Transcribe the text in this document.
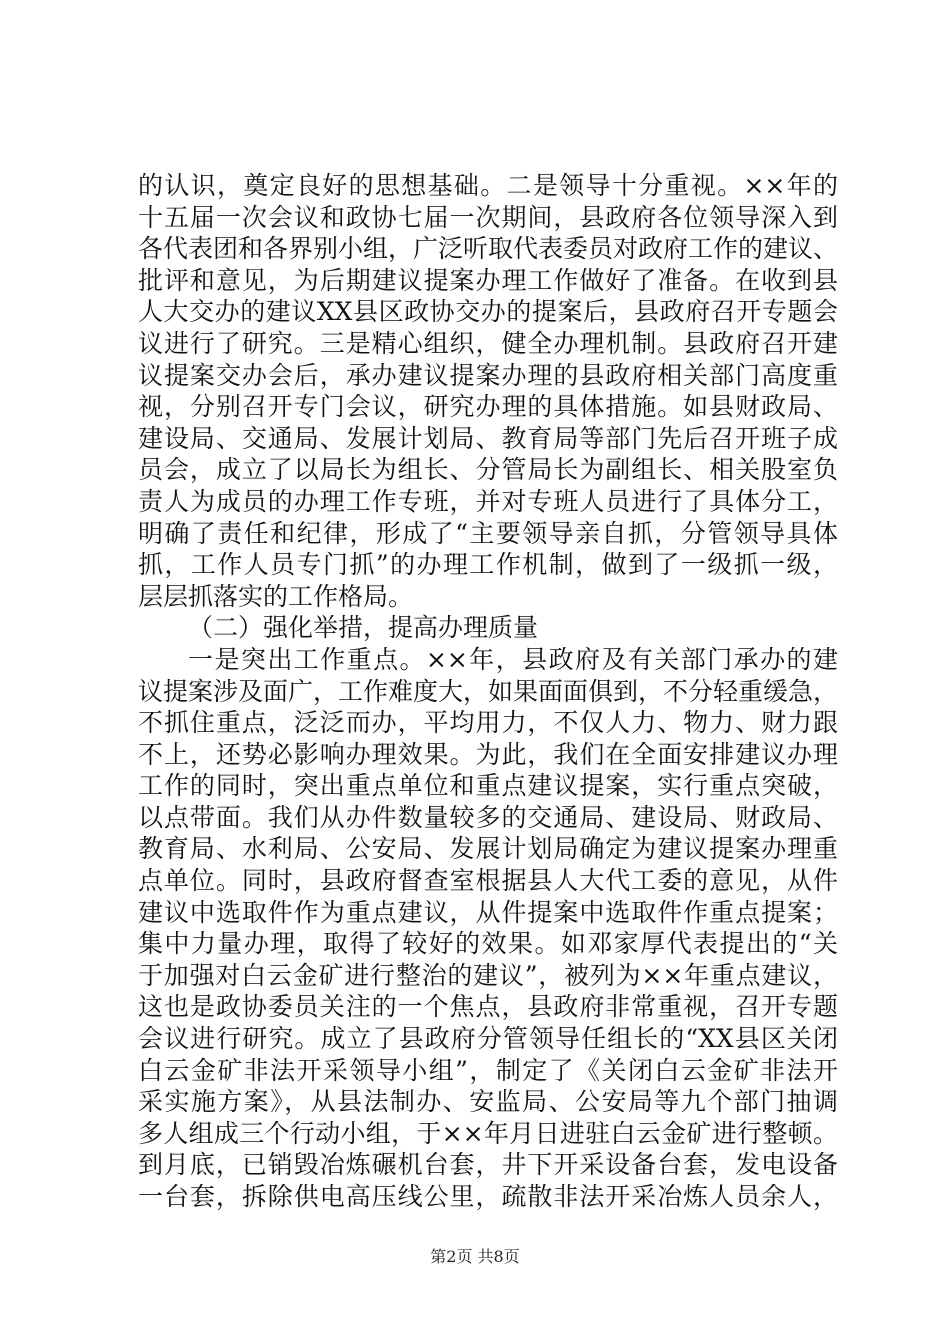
的认识，奠定良好的思想基础。二是领导十分重视。××年的
十五届一次会议和政协七届一次期间，县政府各位领导深入到
各代表团和各界别小组，广泛听取代表委员对政府工作的建议、
批评和意见，为后期建议提案办理工作做好了准备。在收到县
人大交办的建议XX县区政协交办的提案后，县政府召开专题会
议进行了研究。三是精心组织，健全办理机制。县政府召开建
议提案交办会后，承办建议提案办理的县政府相关部门高度重
视，分别召开专门会议，研究办理的具体措施。如县财政局、
建设局、交通局、发展计划局、教育局等部门先后召开班子成
员会，成立了以局长为组长、分管局长为副组长、相关股室负
责人为成员的办理工作专班，并对专班人员进行了具体分工，
明确了责任和纪律，形成了“主要领导亲自抓，分管领导具体
抓，工作人员专门抓”的办理工作机制，做到了一级抓一级，
层层抓落实的工作格局。
（二）强化举措，提高办理质量
一是突出工作重点。××年，县政府及有关部门承办的建
议提案涉及面广，工作难度大，如果面面俱到，不分轻重缓急，
不抓住重点，泛泛而办，平均用力，不仅人力、物力、财力跟
不上，还势必影响办理效果。为此，我们在全面安排建议办理
工作的同时，突出重点单位和重点建议提案，实行重点突破，
以点带面。我们从办件数量较多的交通局、建设局、财政局、
教育局、水利局、公安局、发展计划局确定为建议提案办理重
点单位。同时，县政府督查室根据县人大代工委的意见，从件
建议中选取件作为重点建议，从件提案中选取件作重点提案；
集中力量办理，取得了较好的效果。如邓家厚代表提出的“关
于加强对白云金矿进行整治的建议”，被列为××年重点建议，
这也是政协委员关注的一个焦点，县政府非常重视，召开专题
会议进行研究。成立了县政府分管领导任组长的“XX县区关闭
白云金矿非法开采领导小组”，制定了《关闭白云金矿非法开
采实施方案》，从县法制办、安监局、公安局等九个部门抽调
多人组成三个行动小组，于××年月日进驻白云金矿进行整顿。
到月底，已销毁冶炼碾机台套，井下开采设备台套，发电设备
一台套，拆除供电高压线公里，疏散非法开采冶炼人员余人，
第2页 共8页
